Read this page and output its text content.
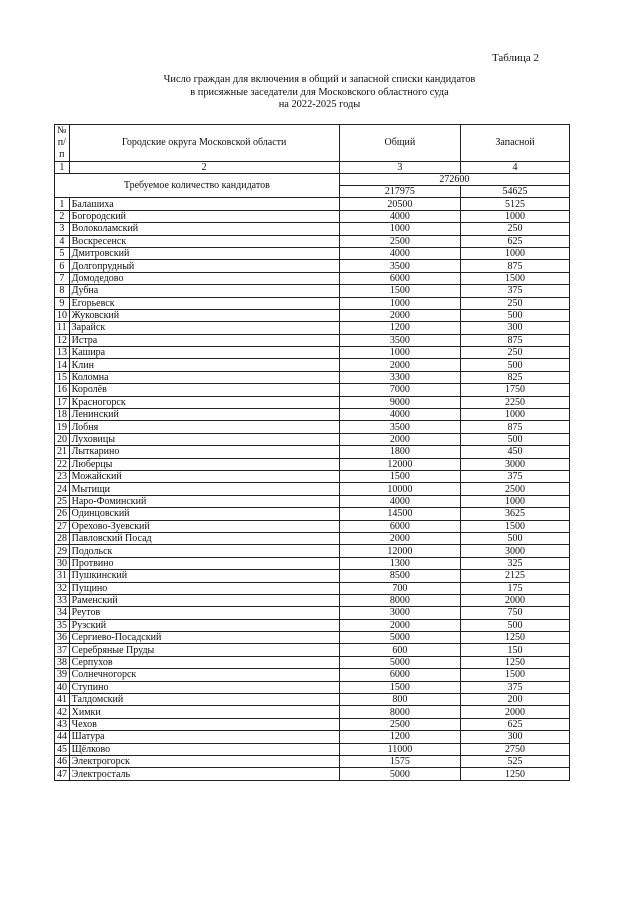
Таблица 2
Число граждан для включения в общий и запасной списки кандидатов
в присяжные заседатели для Московского областного суда
на 2022-2025 годы
№
п/п	Городские округа Московской области	Общий	Запасной
1	2	3	4
Требуемое количество кандидатов		272600	
		217975	54625
1	Балашиха	20500	5125
2	Богородский	4000	1000
3	Волоколамский	1000	250
4	Воскресенск	2500	625
5	Дмитровский	4000	1000
6	Долгопрудный	3500	875
7	Домодедово	6000	1500
8	Дубна	1500	375
9	Егорьевск	1000	250
10	Жуковский	2000	500
11	Зарайск	1200	300
12	Истра	3500	875
13	Кашира	1000	250
14	Клин	2000	500
15	Коломна	3300	825
16	Королёв	7000	1750
17	Красногорск	9000	2250
18	Ленинский	4000	1000
19	Лобня	3500	875
20	Луховицы	2000	500
21	Лыткарино	1800	450
22	Люберцы	12000	3000
23	Можайский	1500	375
24	Мытищи	10000	2500
25	Наро-Фоминский	4000	1000
26	Одинцовский	14500	3625
27	Орехово-Зуевский	6000	1500
28	Павловский Посад	2000	500
29	Подольск	12000	3000
30	Протвино	1300	325
31	Пушкинский	8500	2125
32	Пущино	700	175
33	Раменский	8000	2000
34	Реутов	3000	750
35	Рузский	2000	500
36	Сергиево-Посадский	5000	1250
37	Серебряные Пруды	600	150
38	Серпухов	5000	1250
39	Солнечногорск	6000	1500
40	Ступино	1500	375
41	Талдомский	800	200
42	Химки	8000	2000
43	Чехов	2500	625
44	Шатура	1200	300
45	Щёлково	11000	2750
46	Электрогорск	1575	525
47	Электросталь	5000	1250
